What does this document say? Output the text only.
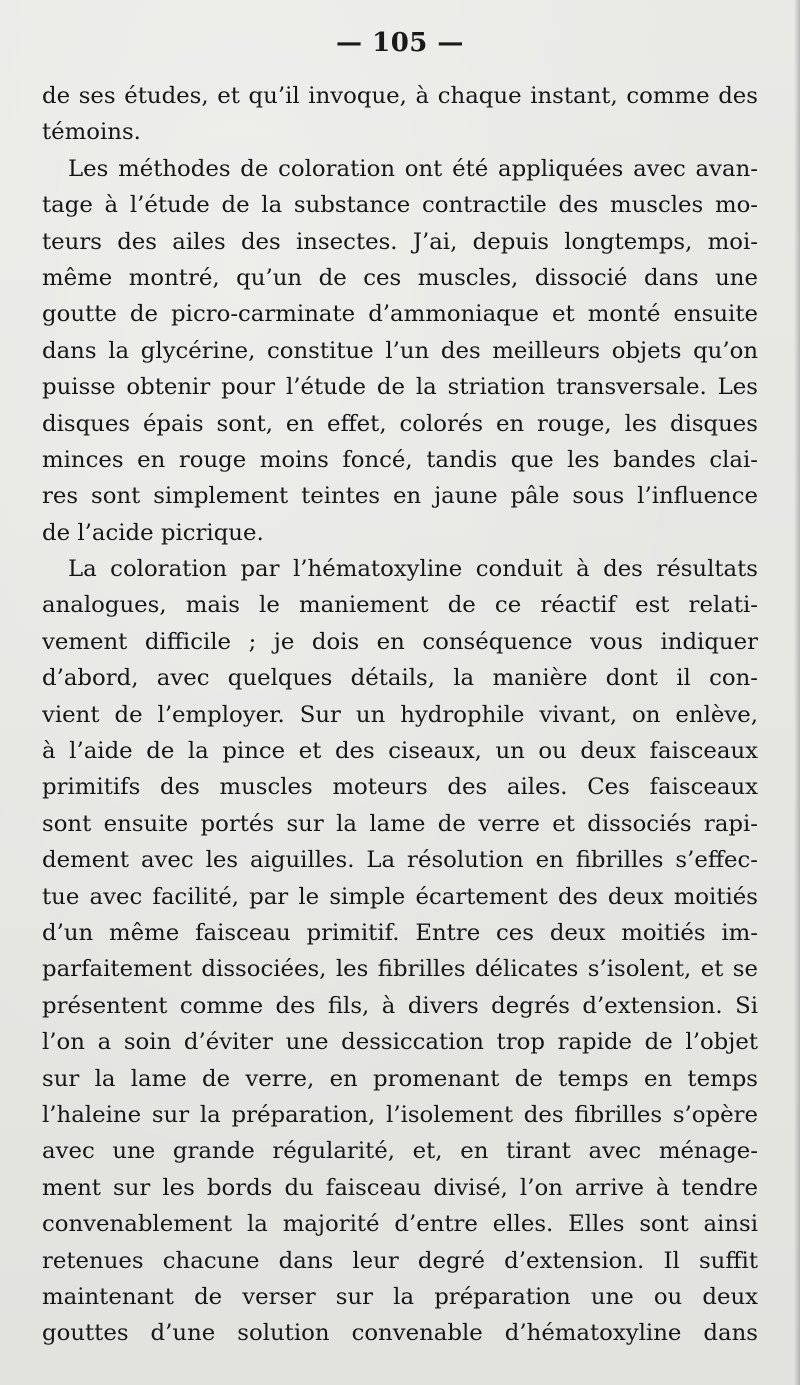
— 105 —
de ses études, et qu’il invoque, à chaque instant, comme des
témoins.
Les méthodes de coloration ont été appliquées avec avan-
tage à l’étude de la substance contractile des muscles mo-
teurs des ailes des insectes. J’ai, depuis longtemps, moi-
même montré, qu’un de ces muscles, dissocié dans une
goutte de picro-carminate d’ammoniaque et monté ensuite
dans la glycérine, constitue l’un des meilleurs objets qu’on
puisse obtenir pour l’étude de la striation transversale. Les
disques épais sont, en effet, colorés en rouge, les disques
minces en rouge moins foncé, tandis que les bandes clai-
res sont simplement teintes en jaune pâle sous l’influence
de l’acide picrique.
La coloration par l’hématoxyline conduit à des résultats
analogues, mais le maniement de ce réactif est relati-
vement difficile ; je dois en conséquence vous indiquer
d’abord, avec quelques détails, la manière dont il con-
vient de l’employer. Sur un hydrophile vivant, on enlève,
à l’aide de la pince et des ciseaux, un ou deux faisceaux
primitifs des muscles moteurs des ailes. Ces faisceaux
sont ensuite portés sur la lame de verre et dissociés rapi-
dement avec les aiguilles. La résolution en fibrilles s’effec-
tue avec facilité, par le simple écartement des deux moitiés
d’un même faisceau primitif. Entre ces deux moitiés im-
parfaitement dissociées, les fibrilles délicates s’isolent, et se
présentent comme des fils, à divers degrés d’extension. Si
l’on a soin d’éviter une dessiccation trop rapide de l’objet
sur la lame de verre, en promenant de temps en temps
l’haleine sur la préparation, l’isolement des fibrilles s’opère
avec une grande régularité, et, en tirant avec ménage-
ment sur les bords du faisceau divisé, l’on arrive à tendre
convenablement la majorité d’entre elles. Elles sont ainsi
retenues chacune dans leur degré d’extension. Il suffit
maintenant de verser sur la préparation une ou deux
gouttes d’une solution convenable d’hématoxyline dans
